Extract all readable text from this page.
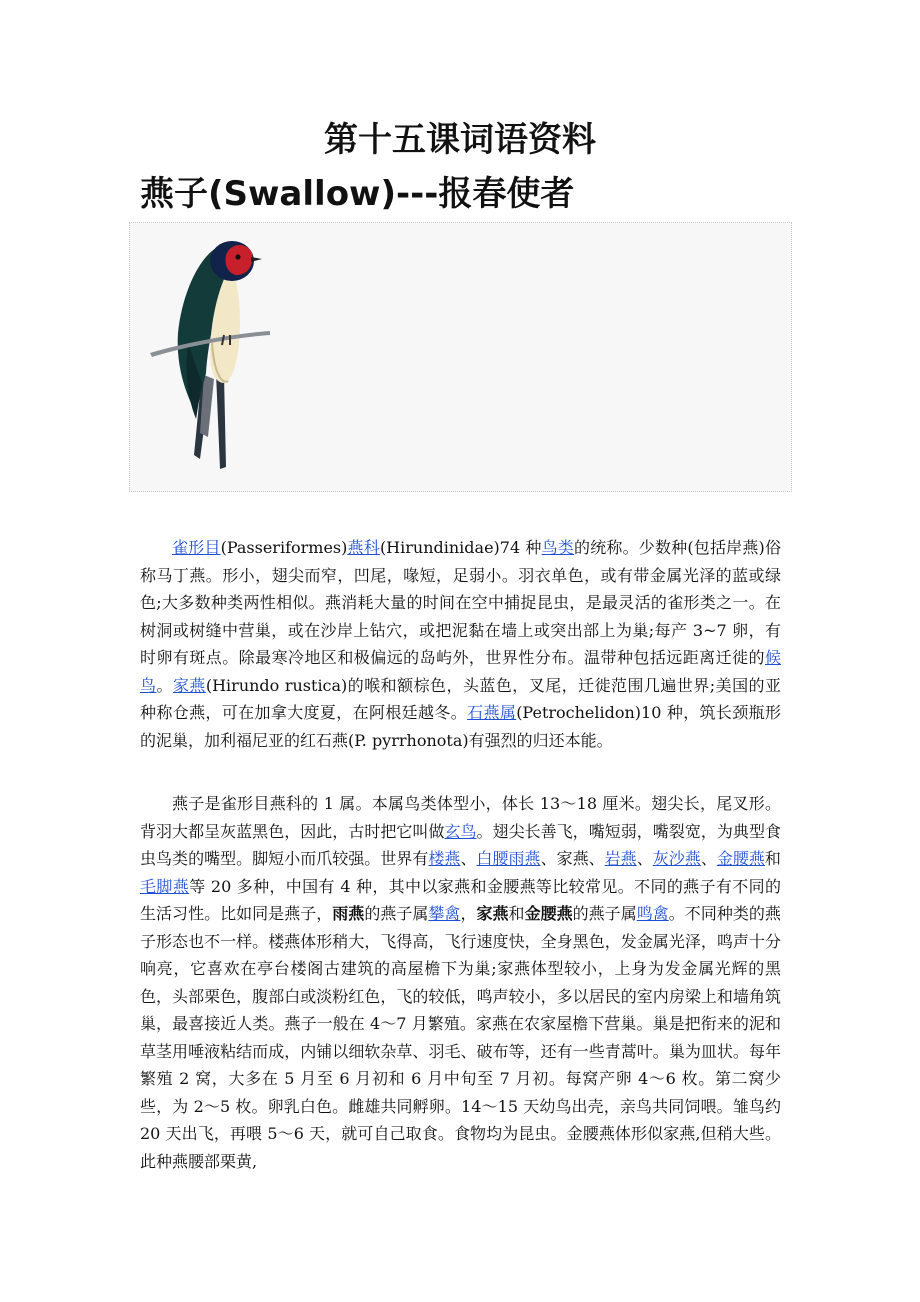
第十五课词语资料
燕子(Swallow)---报春使者

雀形目(Passeriformes)燕科(Hirundinidae)74 种鸟类的统称。少数种(包括岸燕)俗称马丁燕。形小，翅尖而窄，凹尾，喙短，足弱小。羽衣单色，或有带金属光泽的蓝或绿色;大多数种类两性相似。燕消耗大量的时间在空中捕捉昆虫，是最灵活的雀形类之一。在树洞或树缝中营巢，或在沙岸上钻穴，或把泥黏在墙上或突出部上为巢;每产 3~7 卵，有时卵有斑点。除最寒冷地区和极偏远的岛屿外，世界性分布。温带种包括远距离迁徙的候鸟。家燕(Hirundo rustica)的喉和额棕色，头蓝色，叉尾，迁徙范围几遍世界;美国的亚种称仓燕，可在加拿大度夏，在阿根廷越冬。石燕属(Petrochelidon)10 种，筑长颈瓶形的泥巢，加利福尼亚的红石燕(P. pyrrhonota)有强烈的归还本能。

燕子是雀形目燕科的 1 属。本属鸟类体型小，体长 13～18 厘米。翅尖长，尾叉形。背羽大都呈灰蓝黑色，因此，古时把它叫做玄鸟。翅尖长善飞，嘴短弱，嘴裂宽，为典型食虫鸟类的嘴型。脚短小而爪较强。世界有楼燕、白腰雨燕、家燕、岩燕、灰沙燕、金腰燕和毛脚燕等 20 多种，中国有 4 种，其中以家燕和金腰燕等比较常见。不同的燕子有不同的生活习性。比如同是燕子，雨燕的燕子属攀禽，家燕和金腰燕的燕子属鸣禽。不同种类的燕子形态也不一样。楼燕体形稍大，飞得高，飞行速度快，全身黑色，发金属光泽，鸣声十分响亮，它喜欢在亭台楼阁古建筑的高屋檐下为巢;家燕体型较小，上身为发金属光辉的黑色，头部栗色，腹部白或淡粉红色，飞的较低，鸣声较小，多以居民的室内房梁上和墙角筑巢，最喜接近人类。燕子一般在 4～7 月繁殖。家燕在农家屋檐下营巢。巢是把衔来的泥和草茎用唾液粘结而成，内铺以细软杂草、羽毛、破布等，还有一些青蒿叶。巢为皿状。每年繁殖 2 窝，大多在 5 月至 6 月初和 6 月中旬至 7 月初。每窝产卵 4～6 枚。第二窝少些，为 2～5 枚。卵乳白色。雌雄共同孵卵。14～15 天幼鸟出壳，亲鸟共同饲喂。雏鸟约 20 天出飞，再喂 5～6 天，就可自己取食。食物均为昆虫。金腰燕体形似家燕,但稍大些。此种燕腰部栗黄,
